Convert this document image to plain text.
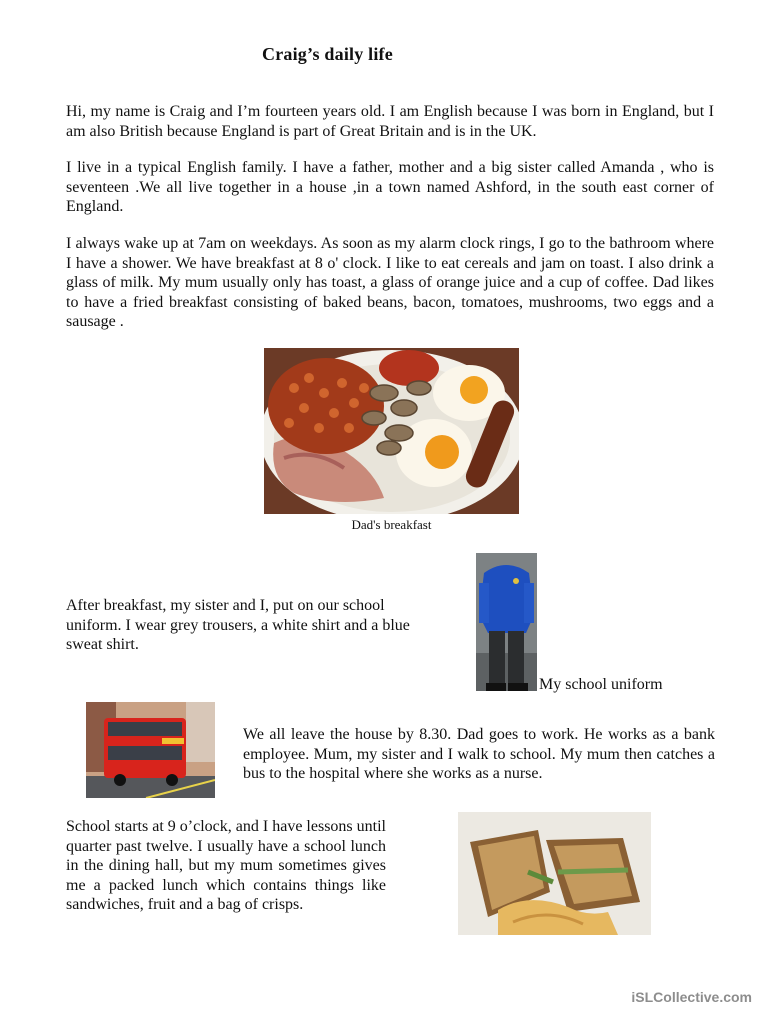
Craig’s daily life

Hi, my name is Craig and I’m fourteen years old. I am English because I was born in England, but I am also British because England is part of Great Britain and is in the UK.

I live in a typical English family. I have a father, mother and a big sister called Amanda , who is seventeen .We all live together in a house ,in a town named Ashford, in the south east corner of England.

I always wake up at 7am on weekdays. As soon as my alarm clock rings, I go to the bathroom where I have a shower. We have breakfast at 8 o' clock. I like to eat cereals and jam on toast. I also drink a glass of milk. My mum usually only has toast, a glass of orange juice and a cup of coffee. Dad likes to have a fried breakfast consisting of baked beans, bacon, tomatoes, mushrooms, two eggs and a sausage .

Dad's breakfast

After breakfast, my sister and I, put on our school uniform. I wear grey trousers, a white shirt and a blue sweat shirt.

My school uniform

We all leave the house by 8.30. Dad goes to work. He works as a bank employee. Mum, my sister and I walk to school. My mum then catches a bus to the hospital where she works as a nurse.

School starts at 9 o’clock, and I have lessons until quarter past twelve. I usually have a school lunch in the dining hall, but my mum sometimes gives me a packed lunch which contains things like sandwiches, fruit and a bag of crisps.

iSLCollective.com
